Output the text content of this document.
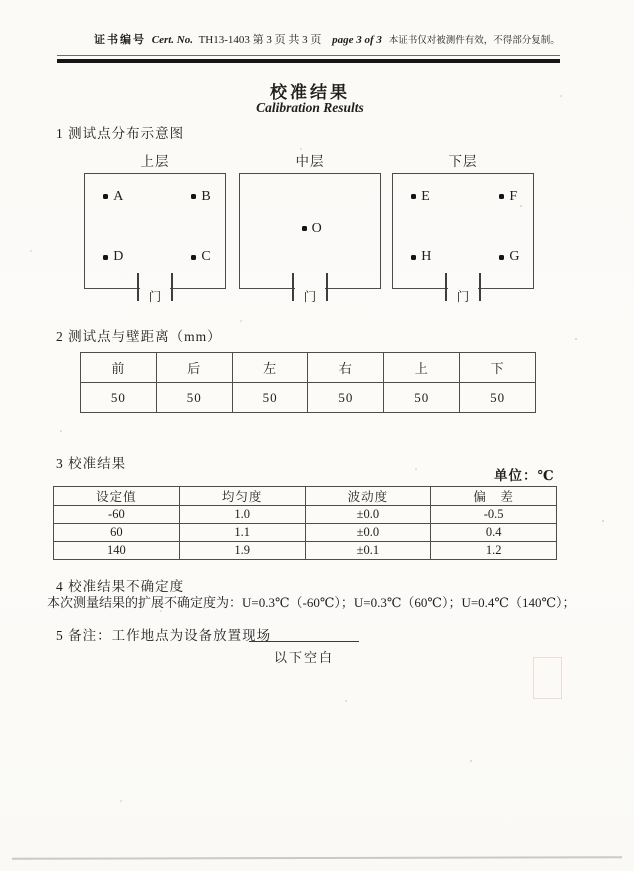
证书编号 Cert. No. TH13-1403 第 3 页 共 3 页 page 3 of 3 本证书仅对被测件有效，不得部分复制。
校准结果
Calibration Results
1 测试点分布示意图
上层
A	B
D	C
门
中层
O
门
下层
E	F
H	G
门
2 测试点与壁距离（mm）
前	后	左	右	上	下
50	50	50	50	50	50
3 校准结果
单位：℃
设定值	均匀度	波动度	偏　差
-60	1.0	±0.0	-0.5
60	1.1	±0.0	0.4
140	1.9	±0.1	1.2
4 校准结果不确定度
本次测量结果的扩展不确定度为：U=0.3℃（-60℃）；U=0.3℃（60℃）；U=0.4℃（140℃）；
5 备注：工作地点为设备放置现场
以下空白
